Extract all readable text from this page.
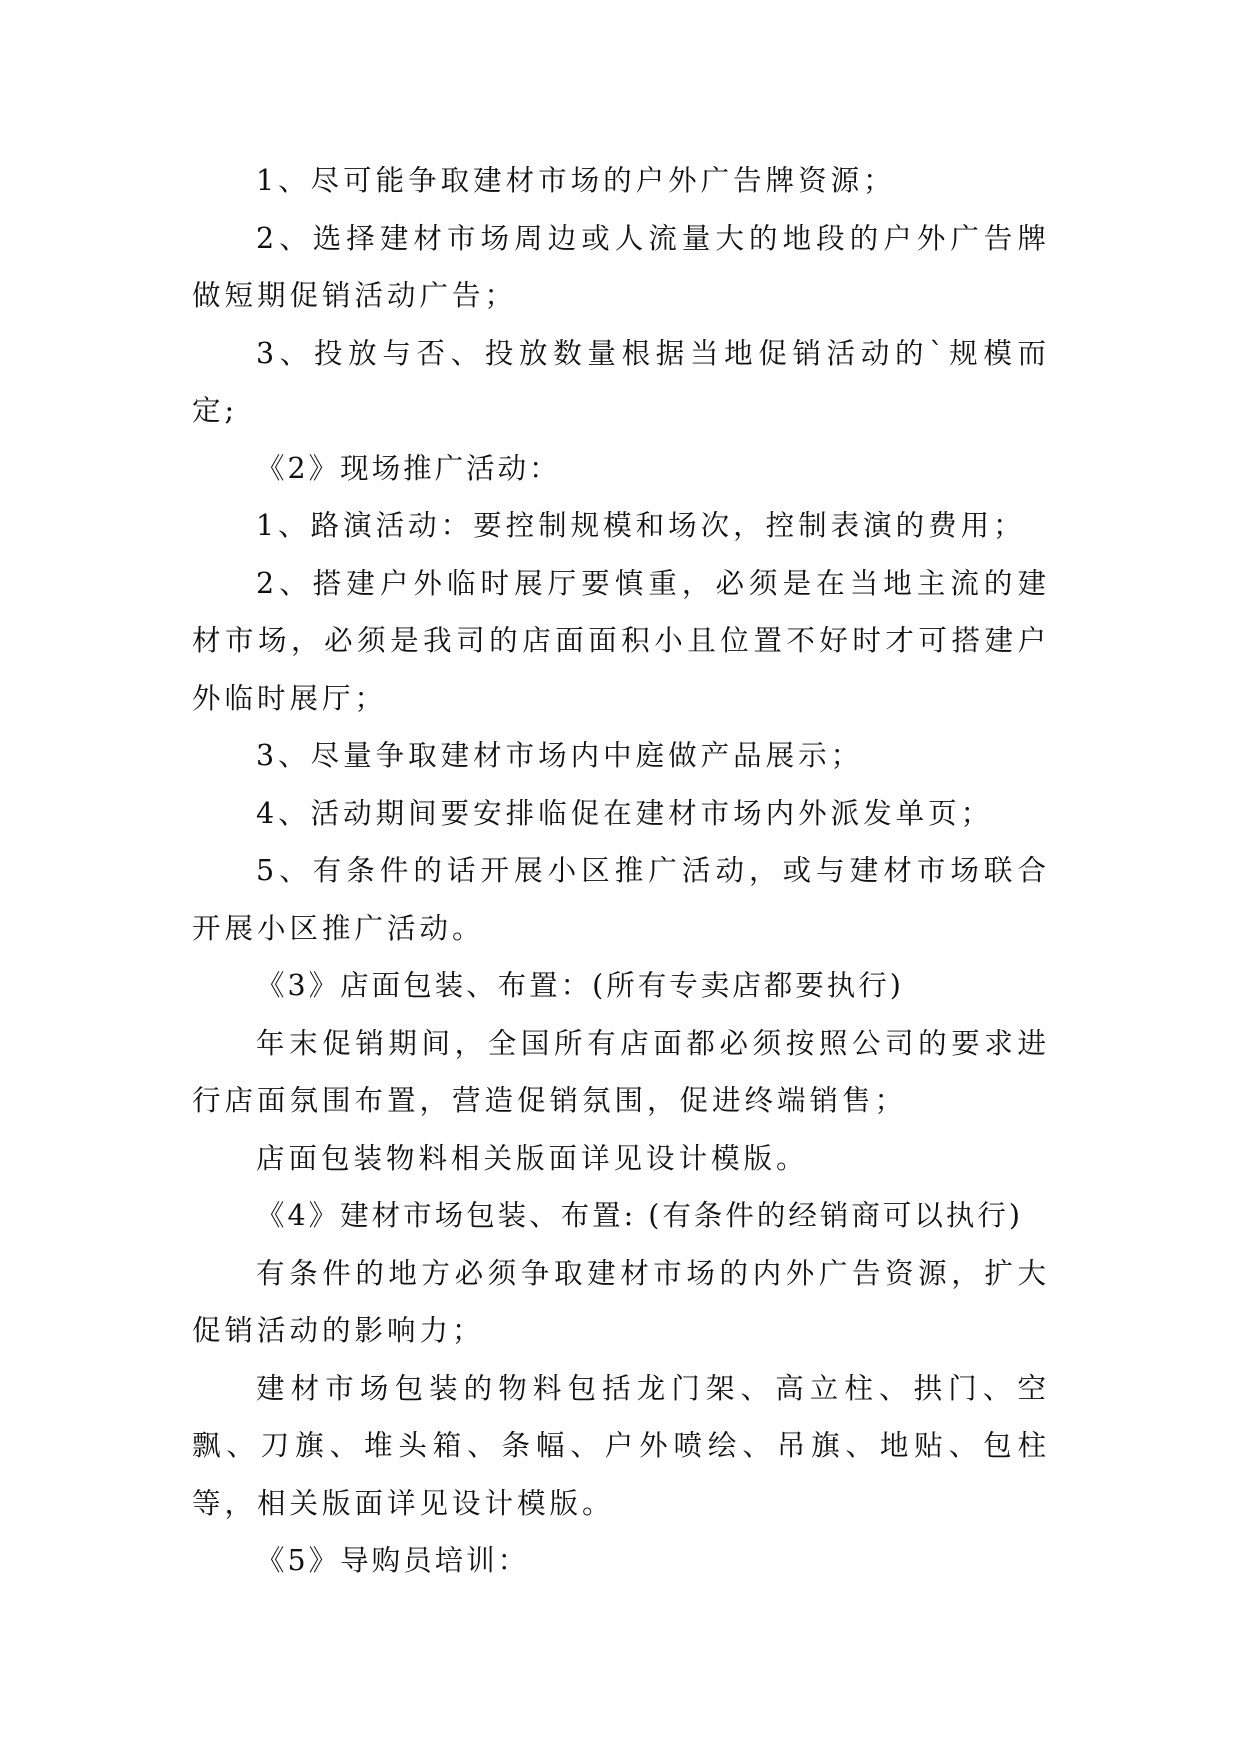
1、尽可能争取建材市场的户外广告牌资源；

2、选择建材市场周边或人流量大的地段的户外广告牌做短期促销活动广告；

3、投放与否、投放数量根据当地促销活动的`规模而定;

《2》现场推广活动：

1、路演活动：要控制规模和场次，控制表演的费用；

2、搭建户外临时展厅要慎重，必须是在当地主流的建材市场，必须是我司的店面面积小且位置不好时才可搭建户外临时展厅；

3、尽量争取建材市场内中庭做产品展示；

4、活动期间要安排临促在建材市场内外派发单页；

5、有条件的话开展小区推广活动，或与建材市场联合开展小区推广活动。

《3》店面包装、布置：(所有专卖店都要执行)

年末促销期间，全国所有店面都必须按照公司的要求进行店面氛围布置，营造促销氛围，促进终端销售；

店面包装物料相关版面详见设计模版。

《4》建材市场包装、布置: (有条件的经销商可以执行)

有条件的地方必须争取建材市场的内外广告资源，扩大促销活动的影响力；

建材市场包装的物料包括龙门架、高立柱、拱门、空飘、刀旗、堆头箱、条幅、户外喷绘、吊旗、地贴、包柱等，相关版面详见设计模版。

《5》导购员培训：
